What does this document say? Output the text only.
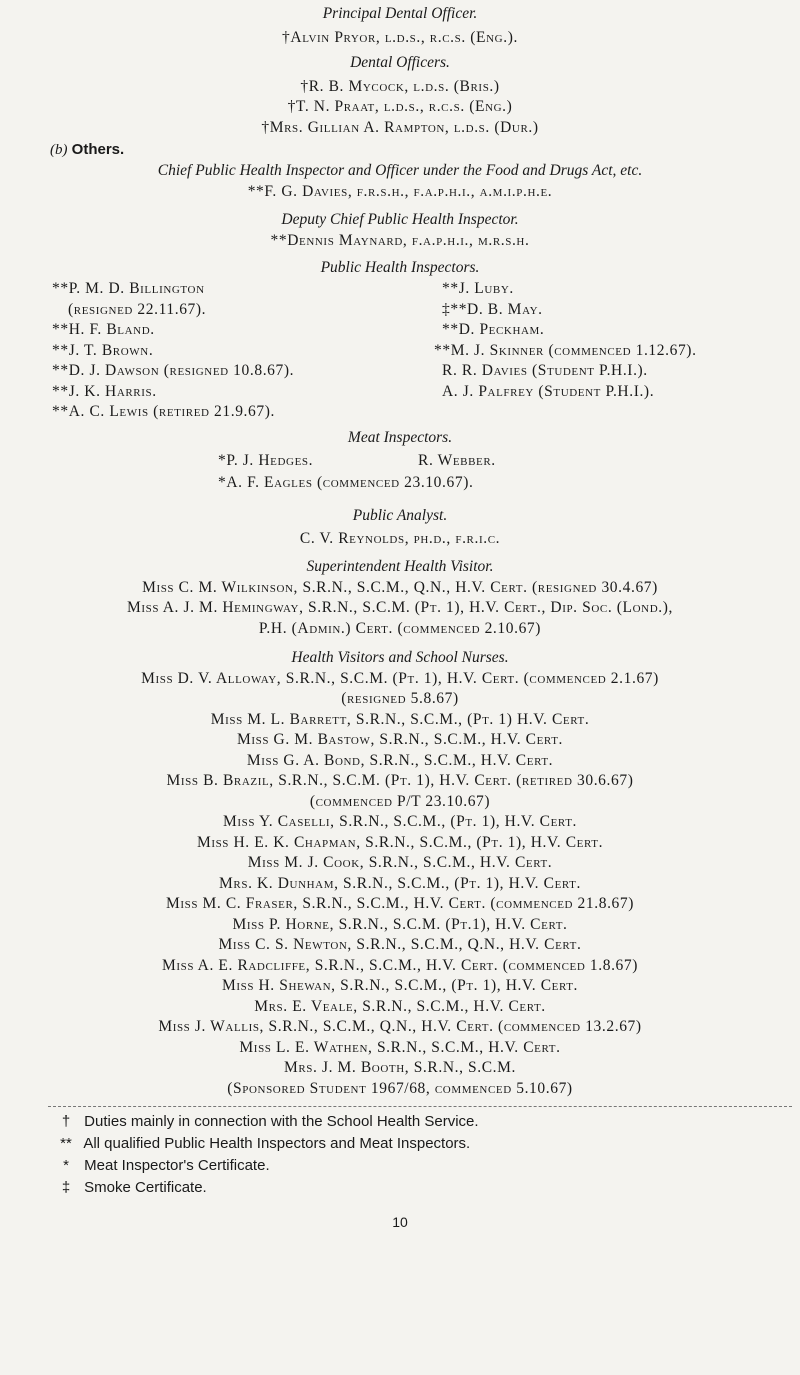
Principal Dental Officer.
†Alvin Pryor, l.d.s., r.c.s. (Eng.).
Dental Officers.
†R. B. Mycock, l.d.s. (Bris.)
†T. N. Praat, l.d.s., r.c.s. (Eng.)
†Mrs. Gillian A. Rampton, l.d.s. (Dur.)
(b) Others.
Chief Public Health Inspector and Officer under the Food and Drugs Act, etc.
**F. G. Davies, f.r.s.h., f.a.p.h.i., a.m.i.p.h.e.
Deputy Chief Public Health Inspector.
**Dennis Maynard, f.a.p.h.i., m.r.s.h.
Public Health Inspectors.
**P. M. D. Billington
(resigned 22.11.67).
**H. F. Bland.
**J. T. Brown.
**D. J. Dawson (resigned 10.8.67).
**J. K. Harris.
**A. C. Lewis (retired 21.9.67).
**J. Luby.
‡**D. B. May.
**D. Peckham.
**M. J. Skinner (commenced 1.12.67).
R. R. Davies (Student P.H.I.).
A. J. Palfrey (Student P.H.I.).
Meat Inspectors.
*P. J. Hedges.	R. Webber.
*A. F. Eagles (commenced 23.10.67).
Public Analyst.
C. V. Reynolds, ph.d., f.r.i.c.
Superintendent Health Visitor.
Miss C. M. Wilkinson, S.R.N., S.C.M., Q.N., H.V. Cert. (resigned 30.4.67)
Miss A. J. M. Hemingway, S.R.N., S.C.M. (Pt. 1), H.V. Cert., Dip. Soc. (Lond.),
P.H. (Admin.) Cert. (commenced 2.10.67)
Health Visitors and School Nurses.
Miss D. V. Alloway, S.R.N., S.C.M. (Pt. 1), H.V. Cert. (commenced 2.1.67)
(resigned 5.8.67)
Miss M. L. Barrett, S.R.N., S.C.M., (Pt. 1) H.V. Cert.
Miss G. M. Bastow, S.R.N., S.C.M., H.V. Cert.
Miss G. A. Bond, S.R.N., S.C.M., H.V. Cert.
Miss B. Brazil, S.R.N., S.C.M. (Pt. 1), H.V. Cert. (retired 30.6.67)
(commenced P/T 23.10.67)
Miss Y. Caselli, S.R.N., S.C.M., (Pt. 1), H.V. Cert.
Miss H. E. K. Chapman, S.R.N., S.C.M., (Pt. 1), H.V. Cert.
Miss M. J. Cook, S.R.N., S.C.M., H.V. Cert.
Mrs. K. Dunham, S.R.N., S.C.M., (Pt. 1), H.V. Cert.
Miss M. C. Fraser, S.R.N., S.C.M., H.V. Cert. (commenced 21.8.67)
Miss P. Horne, S.R.N., S.C.M. (Pt.1), H.V. Cert.
Miss C. S. Newton, S.R.N., S.C.M., Q.N., H.V. Cert.
Miss A. E. Radcliffe, S.R.N., S.C.M., H.V. Cert. (commenced 1.8.67)
Miss H. Shewan, S.R.N., S.C.M., (Pt. 1), H.V. Cert.
Mrs. E. Veale, S.R.N., S.C.M., H.V. Cert.
Miss J. Wallis, S.R.N., S.C.M., Q.N., H.V. Cert. (commenced 13.2.67)
Miss L. E. Wathen, S.R.N., S.C.M., H.V. Cert.
Mrs. J. M. Booth, S.R.N., S.C.M.
(Sponsored Student 1967/68, commenced 5.10.67)
† Duties mainly in connection with the School Health Service.
** All qualified Public Health Inspectors and Meat Inspectors.
* Meat Inspector's Certificate.
‡ Smoke Certificate.
10
